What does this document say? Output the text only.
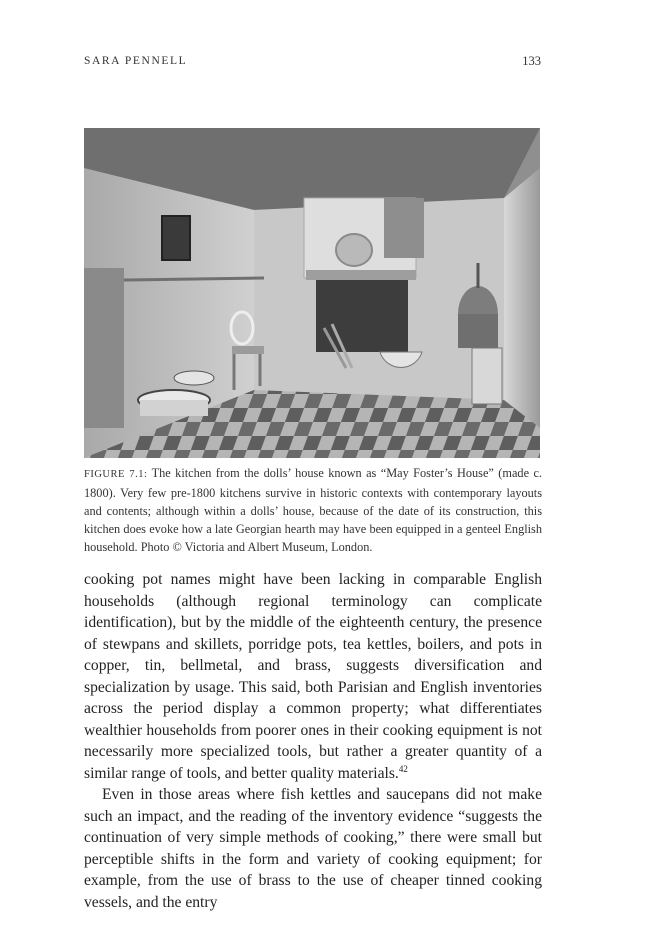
SARA PENNELL	133
FIGURE 7.1: The kitchen from the dolls’ house known as “May Foster’s House” (made c. 1800). Very few pre-1800 kitchens survive in historic contexts with contemporary layouts and contents; although within a dolls’ house, because of the date of its construction, this kitchen does evoke how a late Georgian hearth may have been equipped in a genteel English household. Photo © Victoria and Albert Museum, London.

cooking pot names might have been lacking in comparable English households (although regional terminology can complicate identification), but by the middle of the eighteenth century, the presence of stewpans and skillets, porridge pots, tea kettles, boilers, and pots in copper, tin, bellmetal, and brass, suggests diversification and specialization by usage. This said, both Parisian and English inventories across the period display a common property; what differentiates wealthier households from poorer ones in their cooking equipment is not necessarily more specialized tools, but rather a greater quantity of a similar range of tools, and better quality materials.$^{42}$

Even in those areas where fish kettles and saucepans did not make such an impact, and the reading of the inventory evidence “suggests the continuation of very simple methods of cooking,” there were small but perceptible shifts in the form and variety of cooking equipment; for example, from the use of brass to the use of cheaper tinned cooking vessels, and the entry
